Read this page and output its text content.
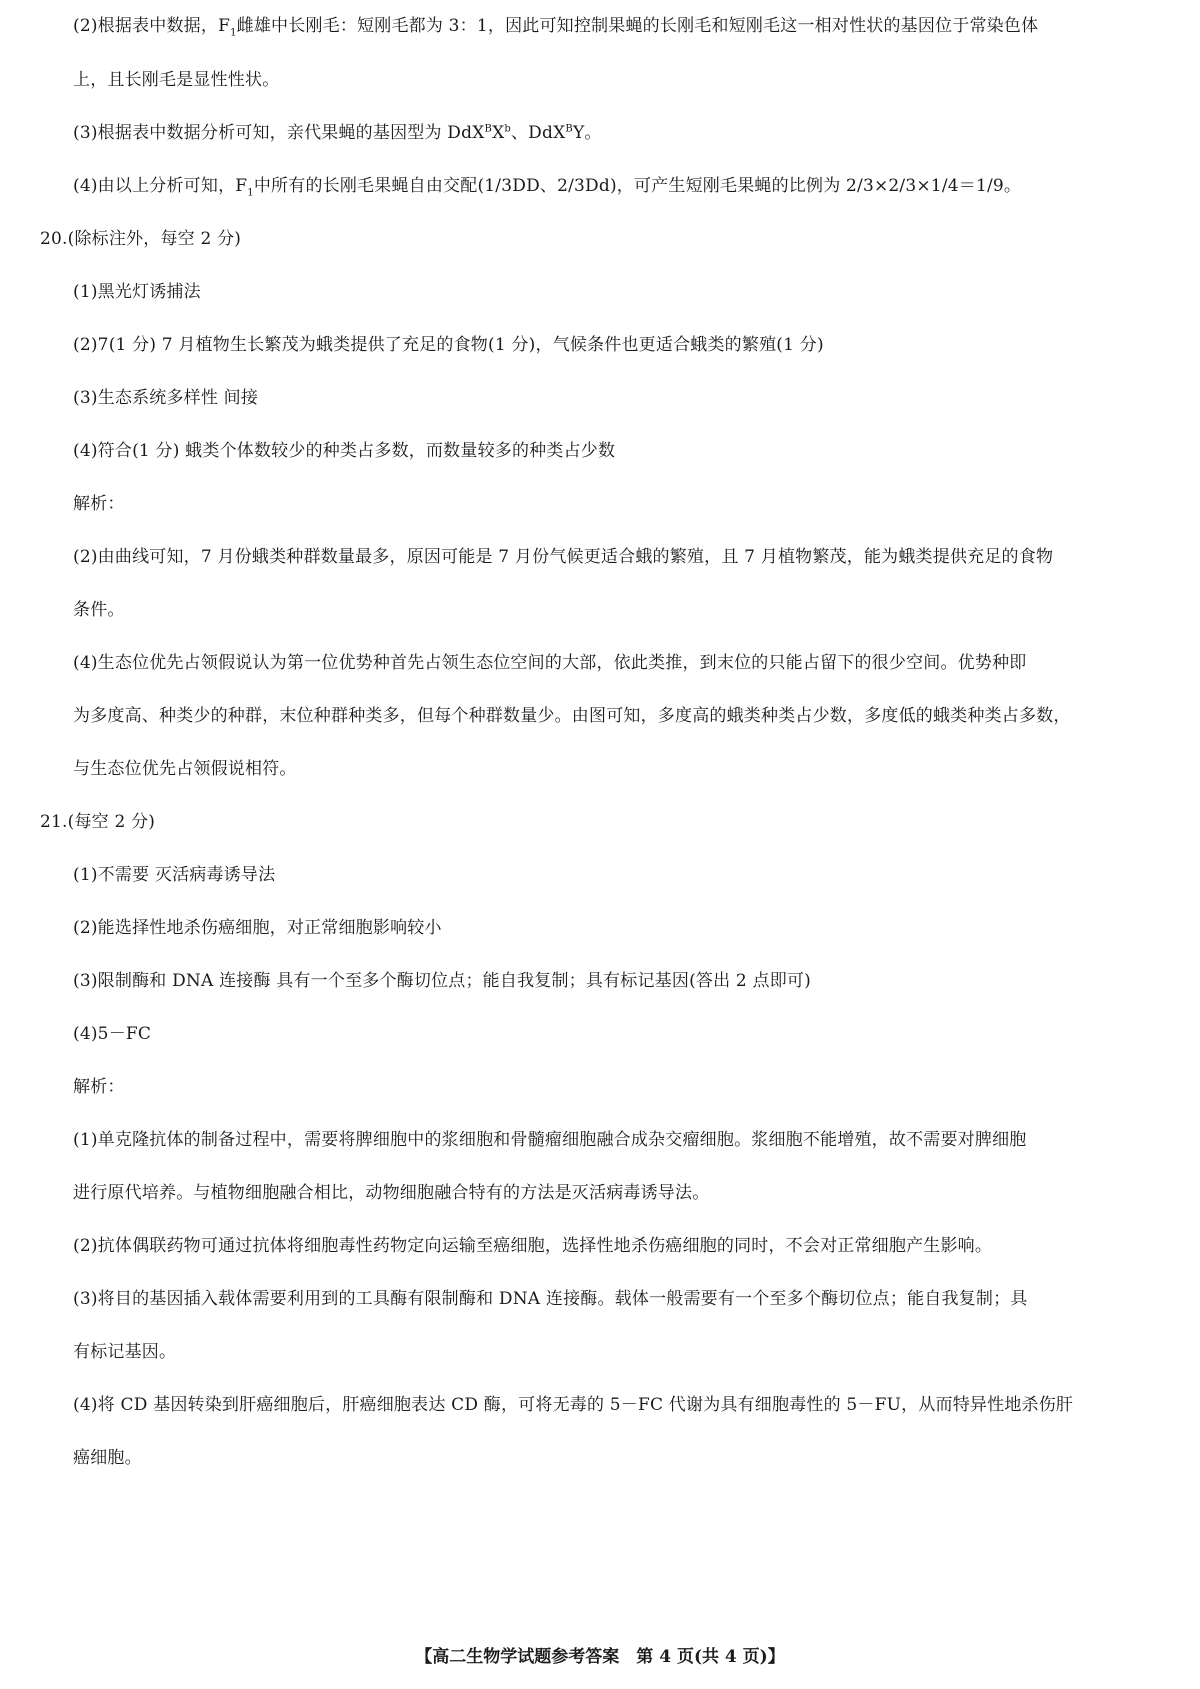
(2)根据表中数据，$F_1$雌雄中长刚毛：短刚毛都为 3：1，因此可知控制果蝇的长刚毛和短刚毛这一相对性状的基因位于常染色体
上，且长刚毛是显性性状。
(3)根据表中数据分析可知，亲代果蝇的基因型为 $DdX^BX^b$、DdX$^B$Y。
(4)由以上分析可知，$F_1$中所有的长刚毛果蝇自由交配(1/3DD、2/3Dd)，可产生短刚毛果蝇的比例为 2/3×2/3×1/4＝1/9。
20.(除标注外，每空 2 分)
(1)黑光灯诱捕法
(2)7(1 分) 7 月植物生长繁茂为蛾类提供了充足的食物(1 分)，气候条件也更适合蛾类的繁殖(1 分)
(3)生态系统多样性 间接
(4)符合(1 分) 蛾类个体数较少的种类占多数，而数量较多的种类占少数
解析：
(2)由曲线可知，7 月份蛾类种群数量最多，原因可能是 7 月份气候更适合蛾的繁殖，且 7 月植物繁茂，能为蛾类提供充足的食物
条件。
(4)生态位优先占领假说认为第一位优势种首先占领生态位空间的大部，依此类推，到末位的只能占留下的很少空间。优势种即
为多度高、种类少的种群，末位种群种类多，但每个种群数量少。由图可知，多度高的蛾类种类占少数，多度低的蛾类种类占多数，
与生态位优先占领假说相符。
21.(每空 2 分)
(1)不需要 灭活病毒诱导法
(2)能选择性地杀伤癌细胞，对正常细胞影响较小
(3)限制酶和 DNA 连接酶 具有一个至多个酶切位点；能自我复制；具有标记基因(答出 2 点即可)
(4)5－FC
解析：
(1)单克隆抗体的制备过程中，需要将脾细胞中的浆细胞和骨髓瘤细胞融合成杂交瘤细胞。浆细胞不能增殖，故不需要对脾细胞
进行原代培养。与植物细胞融合相比，动物细胞融合特有的方法是灭活病毒诱导法。
(2)抗体偶联药物可通过抗体将细胞毒性药物定向运输至癌细胞，选择性地杀伤癌细胞的同时，不会对正常细胞产生影响。
(3)将目的基因插入载体需要利用到的工具酶有限制酶和 DNA 连接酶。载体一般需要有一个至多个酶切位点；能自我复制；具
有标记基因。
(4)将 CD 基因转染到肝癌细胞后，肝癌细胞表达 CD 酶，可将无毒的 5－FC 代谢为具有细胞毒性的 5－FU，从而特异性地杀伤肝
癌细胞。
【高二生物学试题参考答案　第 4 页(共 4 页)】
